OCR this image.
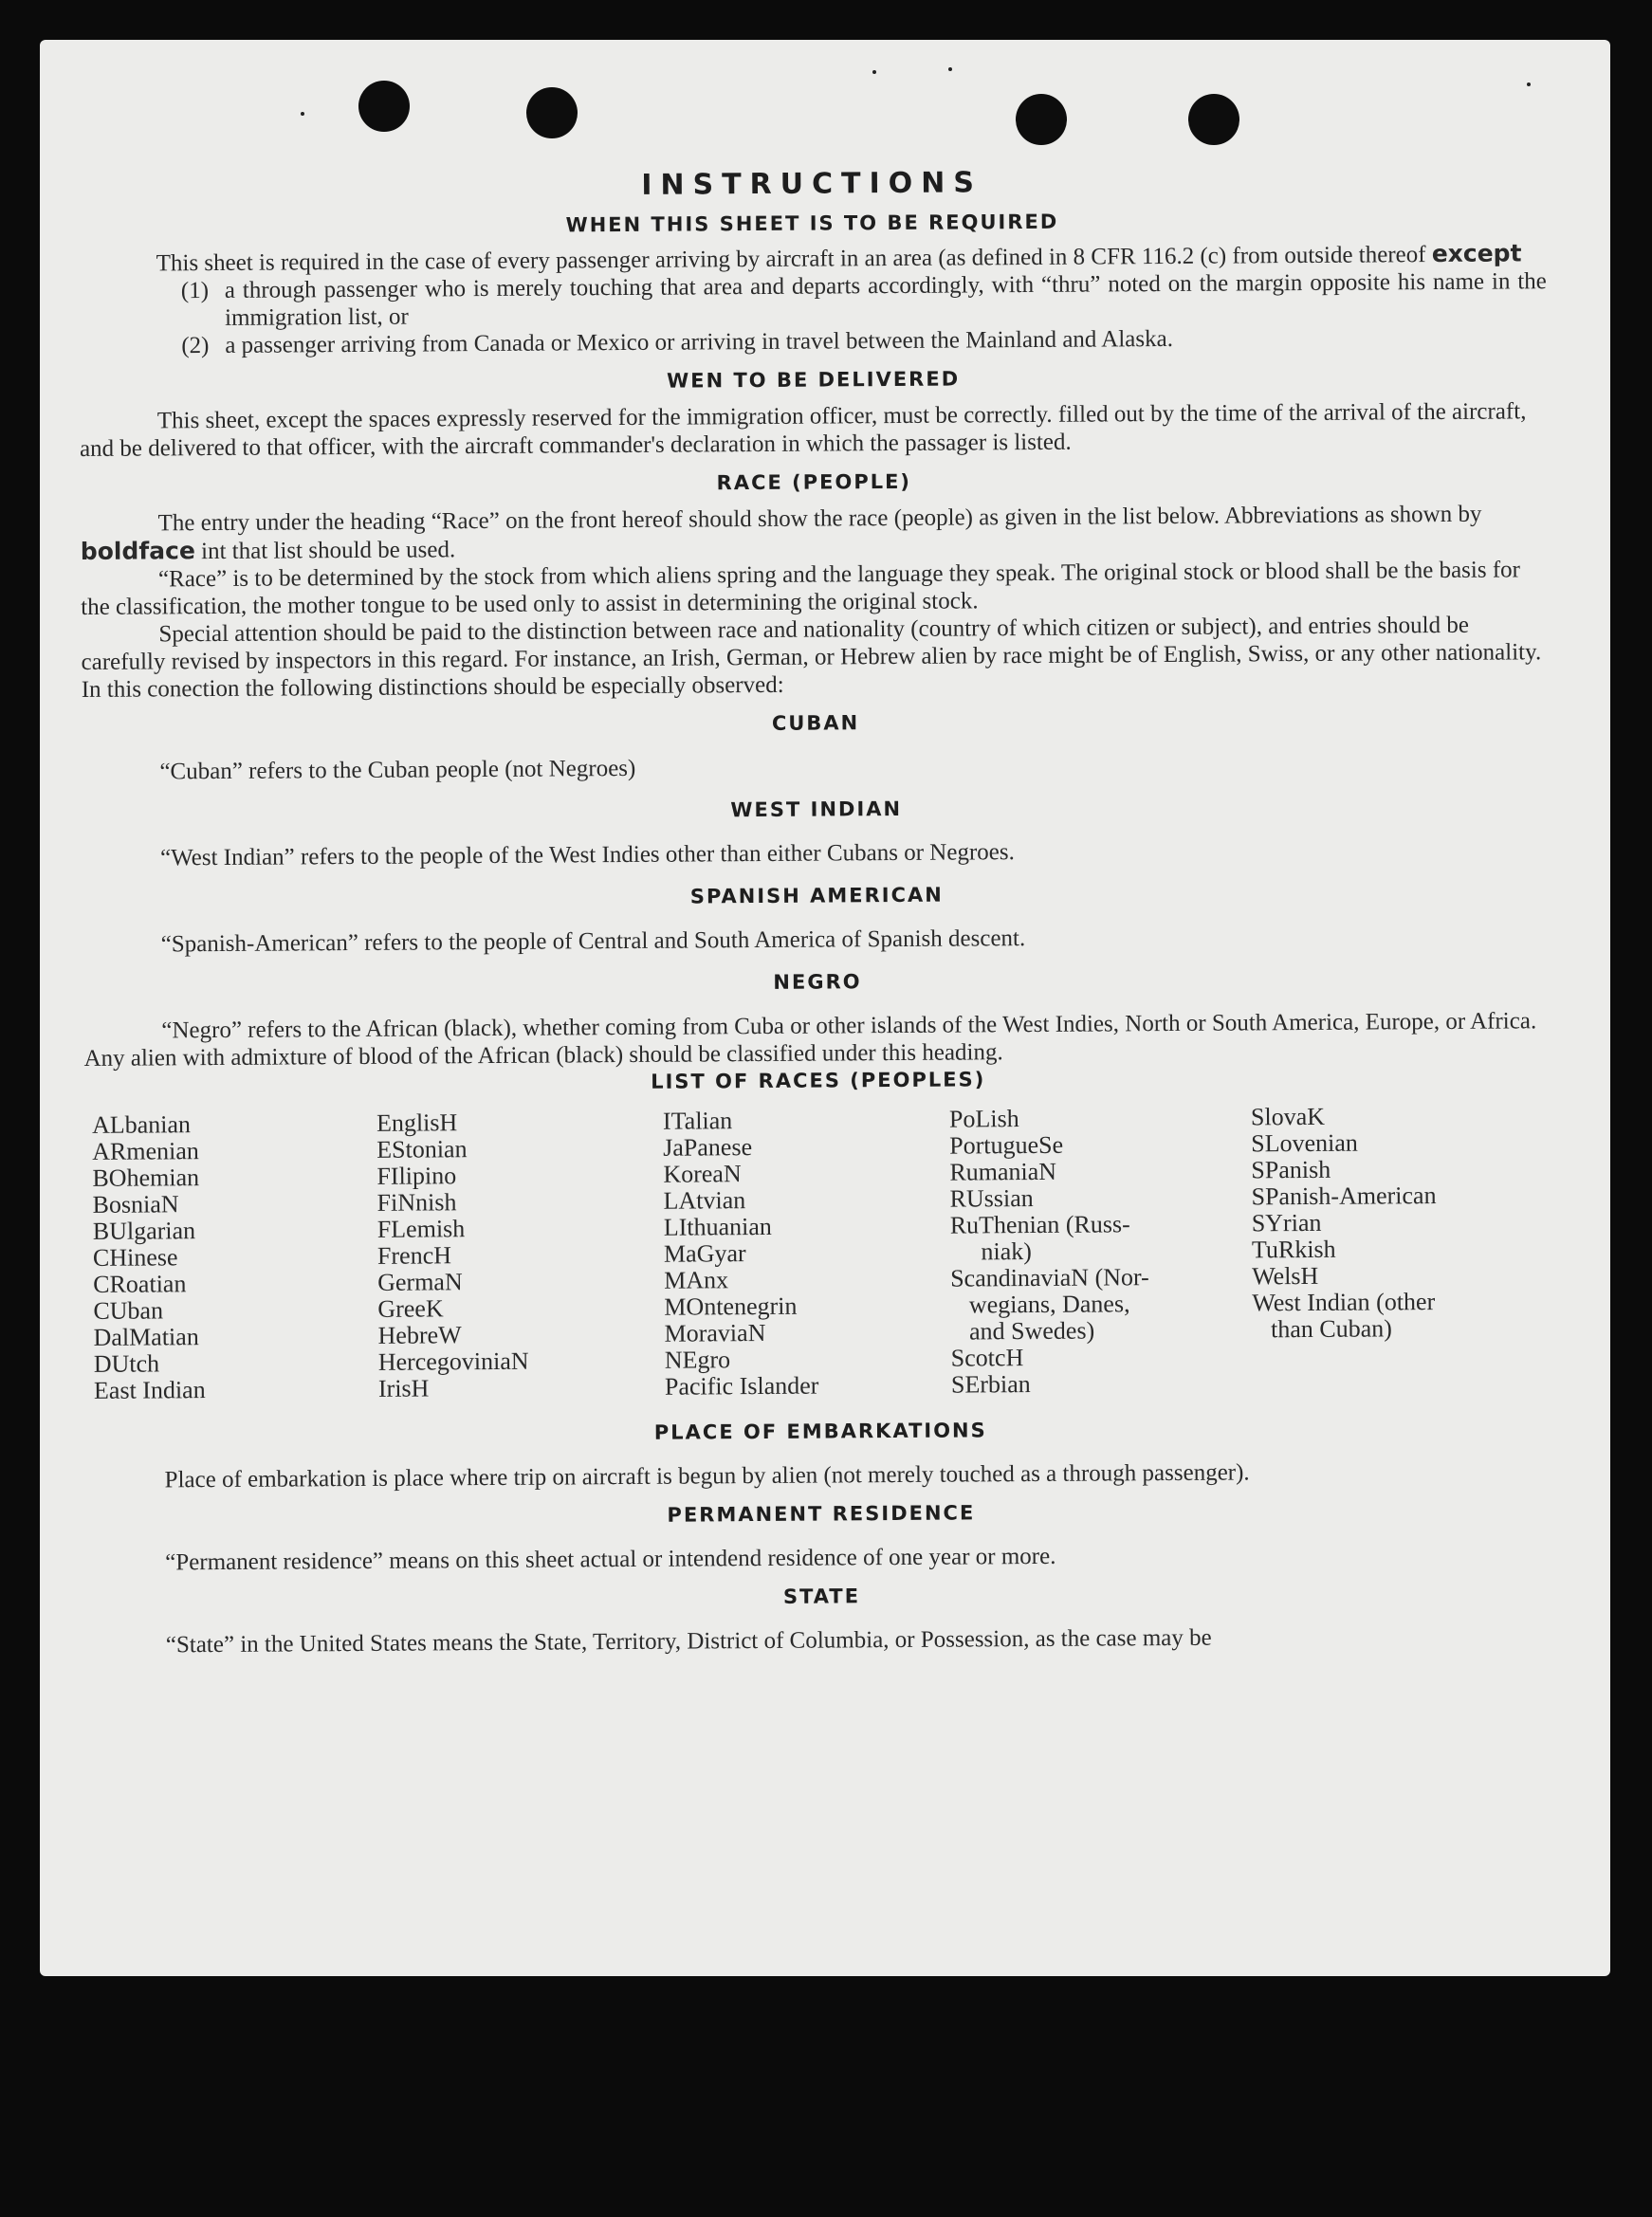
INSTRUCTIONS
WHEN THIS SHEET IS TO BE REQUIRED

This sheet is required in the case of every passenger arriving by aircraft in an area (as defined in 8 CFR 116.2 (c) from outside thereof except

(1) a through passenger who is merely touching that area and departs accordingly, with “thru” noted on the margin opposite his name in the immigration list, or
(2) a passenger arriving from Canada or Mexico or arriving in travel between the Mainland and Alaska.
WEN TO BE DELIVERED

This sheet, except the spaces expressly reserved for the immigration officer, must be correctly. filled out by the time of the arrival of the aircraft, and be delivered to that officer, with the aircraft commander's declaration in which the passager is listed.

RACE (PEOPLE)

The entry under the heading “Race” on the front hereof should show the race (people) as given in the list below. Abbreviations as shown by boldface int that list should be used.

“Race” is to be determined by the stock from which aliens spring and the language they speak. The original stock or blood shall be the basis for the classification, the mother tongue to be used only to assist in determining the original stock.

Special attention should be paid to the distinction between race and nationality (country of which citizen or subject), and entries should be carefully revised by inspectors in this regard. For instance, an Irish, German, or Hebrew alien by race might be of English, Swiss, or any other nationality. In this conection the following distinctions should be especially observed:

CUBAN

“Cuban” refers to the Cuban people (not Negroes)

WEST INDIAN

“West Indian” refers to the people of the West Indies other than either Cubans or Negroes.

SPANISH AMERICAN

“Spanish-American” refers to the people of Central and South America of Spanish descent.

NEGRO

“Negro” refers to the African (black), whether coming from Cuba or other islands of the West Indies, North or South America, Europe, or Africa. Any alien with admixture of blood of the African (black) should be classified under this heading.

LIST OF RACES (PEOPLES)
ALbanian
ARmenian
BOhemian
BosniaN
BUlgarian
CHinese
CRoatian
CUban
DalMatian
DUtch
East Indian
EnglisH
EStonian
FIlipino
FiNnish
FLemish
FrencH
GermaN
GreeK
HebreW
HercegoviniaN
IrisH
ITalian
JaPanese
KoreaN
LAtvian
LIthuanian
MaGyar
MAnx
MOntenegrin
MoraviaN
NEgro
Pacific Islander
PoLish
PortugueSe
RumaniaN
RUssian
RuThenian (Russ-
niak)
ScandinaviaN (Nor-
wegians, Danes,
and Swedes)
ScotcH
SErbian
SlovaK
SLovenian
SPanish
SPanish-American
SYrian
TuRkish
WelsH
West Indian (other
than Cuban)
PLACE OF EMBARKATIONS

Place of embarkation is place where trip on aircraft is begun by alien (not merely touched as a through passenger).

PERMANENT RESIDENCE

“Permanent residence” means on this sheet actual or intendend residence of one year or more.

STATE

“State” in the United States means the State, Territory, District of Columbia, or Possession, as the case may be
